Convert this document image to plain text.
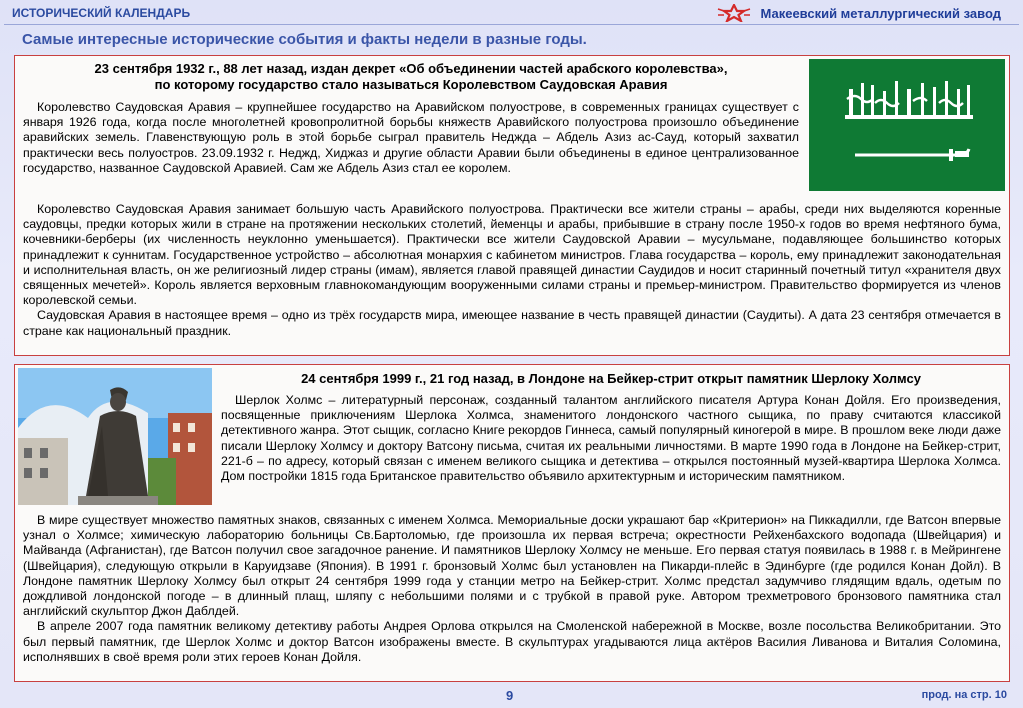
ИСТОРИЧЕСКИЙ КАЛЕНДАРЬ	Макеевский металлургический завод
Самые интересные исторические события и факты недели в разные годы.
23 сентября 1932 г., 88 лет назад, издан декрет «Об объединении частей арабского королевства»,
по которому государство стало называться Королевством Саудовская Аравия

Королевство Саудовская Аравия – крупнейшее государство на Аравийском полуострове, в современных границах существует с января 1926 года, когда после многолетней кровопролитной борьбы княжеств Аравийского полуострова произошло объединение аравийских земель. Главенствующую роль в этой борьбе сыграл правитель Неджда – Абдель Азиз ас-Сауд, который захватил практически весь полуостров. 23.09.1932 г. Неджд, Хиджаз и другие области Аравии были объединены в единое централизованное государство, названное Саудовской Аравией. Сам же Абдель Азиз стал ее королем.

Королевство Саудовская Аравия занимает большую часть Аравийского полуострова. Практически все жители страны – арабы, среди них выделяются коренные саудовцы, предки которых жили в стране на протяжении нескольких столетий, йеменцы и арабы, прибывшие в страну после 1950-х годов во время нефтяного бума, кочевники-берберы (их численность неуклонно уменьшается). Практически все жители Саудовской Аравии – мусульмане, подавляющее большинство которых принадлежит к суннитам. Государственное устройство – абсолютная монархия с кабинетом министров. Глава государства – король, ему принадлежит законодательная и исполнительная власть, он же религиозный лидер страны (имам), является главой правящей династии Саудидов и носит старинный почетный титул «хранителя двух священных мечетей». Король является верховным главнокомандующим вооруженными силами страны и премьер-министром. Правительство формируется из членов королевской семьи.

Саудовская Аравия в настоящее время – одно из трёх государств мира, имеющее название в честь правящей династии (Саудиты). А дата 23 сентября отмечается в стране как национальный праздник.

24 сентября 1999 г., 21 год назад, в Лондоне на Бейкер-стрит открыт памятник Шерлоку Холмсу

Шерлок Холмс – литературный персонаж, созданный талантом английского писателя Артура Конан Дойля. Его произведения, посвященные приключениям Шерлока Холмса, знаменитого лондонского частного сыщика, по праву считаются классикой детективного жанра. Этот сыщик, согласно Книге рекордов Гиннеса, самый популярный киногерой в мире. В прошлом веке люди даже писали Шерлоку Холмсу и доктору Ватсону письма, считая их реальными личностями. В марте 1990 года в Лондоне на Бейкер-стрит, 221-б – по адресу, который связан с именем великого сыщика и детектива – открылся постоянный музей-квартира Шерлока Холмса. Дом постройки 1815 года Британское правительство объявило архитектурным и историческим памятником.

В мире существует множество памятных знаков, связанных с именем Холмса. Мемориальные доски украшают бар «Критерион» на Пиккадилли, где Ватсон впервые узнал о Холмсе; химическую лабораторию больницы Св.Бартоломью, где произошла их первая встреча; окрестности Рейхенбахского водопада (Швейцария) и Майванда (Афганистан), где Ватсон получил свое загадочное ранение. И памятников Шерлоку Холмсу не меньше. Его первая статуя появилась в 1988 г. в Мейрингене (Швейцария), следующую открыли в Каруидзаве (Япония). В 1991 г. бронзовый Холмс был установлен на Пикарди-плейс в Эдинбурге (где родился Конан Дойл). В Лондоне памятник Шерлоку Холмсу был открыт 24 сентября 1999 года у станции метро на Бейкер-стрит. Холмс предстал задумчиво глядящим вдаль, одетым по дождливой лондонской погоде – в длинный плащ, шляпу с небольшими полями и с трубкой в правой руке. Автором трехметрового бронзового памятника стал английский скульптор Джон Даблдей.

В апреле 2007 года памятник великому детективу работы Андрея Орлова открылся на Смоленской набережной в Москве, возле посольства Великобритании. Это был первый памятник, где Шерлок Холмс и доктор Ватсон изображены вместе. В скульптурах угадываются лица актёров Василия Ливанова и Виталия Соломина, исполнявших в своё время роли этих героев Конан Дойля.

9	прод. на стр. 10
